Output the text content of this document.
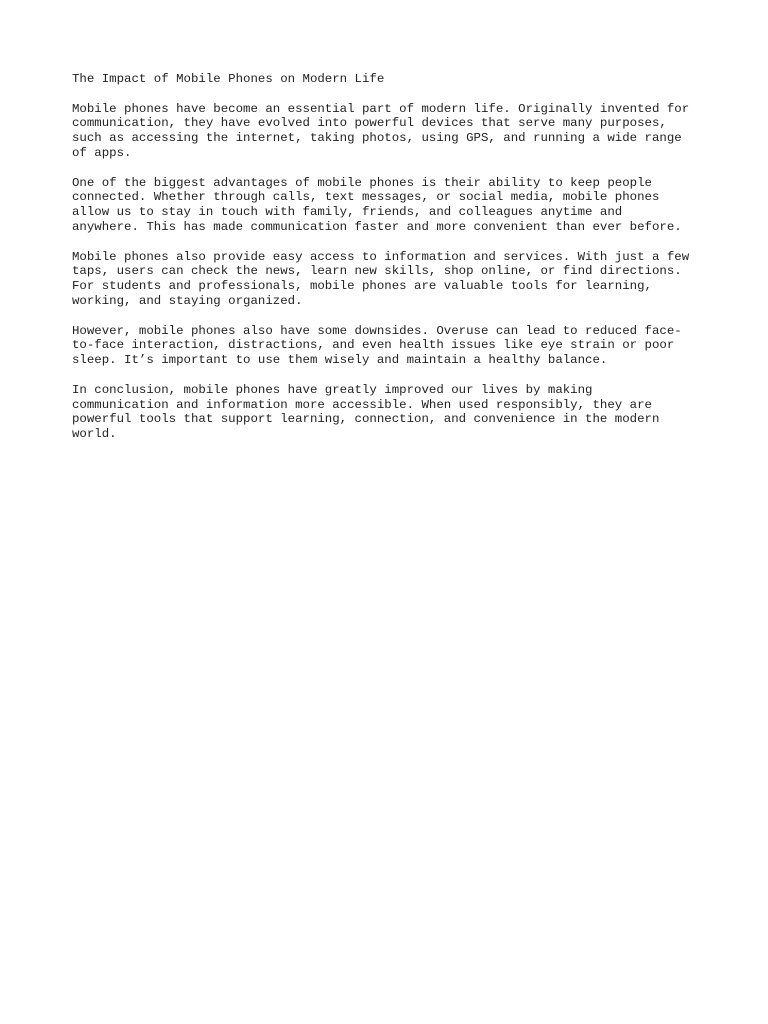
The Impact of Mobile Phones on Modern Life

Mobile phones have become an essential part of modern life. Originally invented for
communication, they have evolved into powerful devices that serve many purposes,
such as accessing the internet, taking photos, using GPS, and running a wide range
of apps.

One of the biggest advantages of mobile phones is their ability to keep people
connected. Whether through calls, text messages, or social media, mobile phones
allow us to stay in touch with family, friends, and colleagues anytime and
anywhere. This has made communication faster and more convenient than ever before.

Mobile phones also provide easy access to information and services. With just a few
taps, users can check the news, learn new skills, shop online, or find directions.
For students and professionals, mobile phones are valuable tools for learning,
working, and staying organized.

However, mobile phones also have some downsides. Overuse can lead to reduced face-
to-face interaction, distractions, and even health issues like eye strain or poor
sleep. It’s important to use them wisely and maintain a healthy balance.

In conclusion, mobile phones have greatly improved our lives by making
communication and information more accessible. When used responsibly, they are
powerful tools that support learning, connection, and convenience in the modern
world.
